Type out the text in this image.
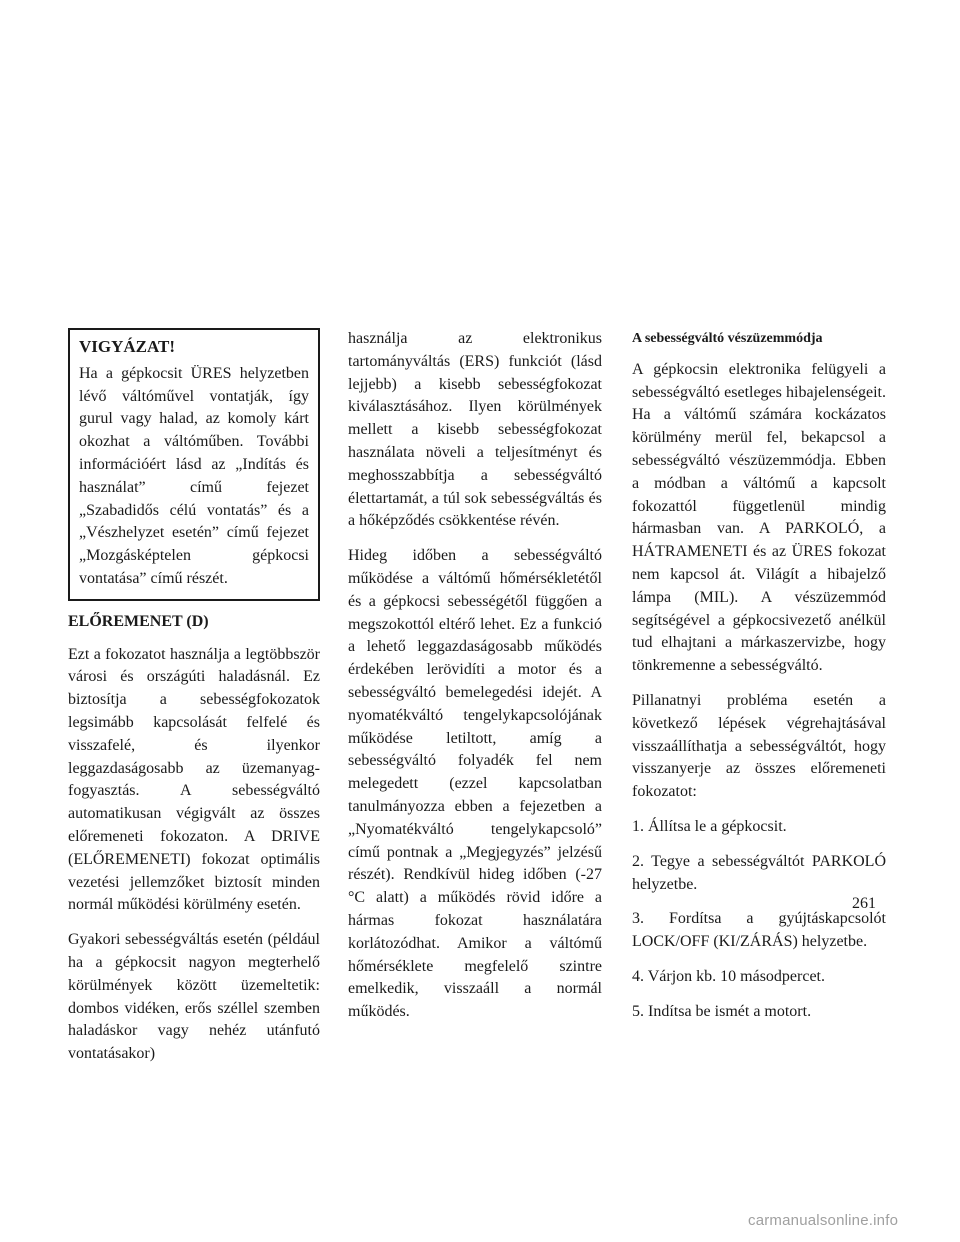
VIGYÁZAT!

Ha a gépkocsit ÜRES helyzetben lévő váltóművel vontatják, így gurul vagy halad, az komoly kárt okozhat a váltóműben. További információért lásd az „Indítás és használat” című fejezet „Szabadidős célú vontatás” és a „Vészhelyzet esetén” című fejezet „Mozgásképtelen gépkocsi vontatása” című részét.

ELŐREMENET (D)

Ezt a fokozatot használja a legtöbbször városi és országúti haladásnál. Ez biztosítja a sebességfokozatok legsimább kapcsolását felfelé és visszafelé, és ilyenkor leggazdaságosabb az üzemanyag-fogyasztás. A sebességváltó automatikusan végigvált az összes előremeneti fokozaton. A DRIVE (ELŐREMENETI) fokozat optimális vezetési jellemzőket biztosít minden normál működési körülmény esetén.

Gyakori sebességváltás esetén (például ha a gépkocsit nagyon megterhelő körülmények között üzemeltetik: dombos vidéken, erős széllel szemben haladáskor vagy nehéz utánfutó vontatásakor)

használja az elektronikus tartományváltás (ERS) funkciót (lásd lejjebb) a kisebb sebességfokozat kiválasztásához. Ilyen körülmények mellett a kisebb sebességfokozat használata növeli a teljesítményt és meghosszabbítja a sebességváltó élettartamát, a túl sok sebességváltás és a hőképződés csökkentése révén.

Hideg időben a sebességváltó működése a váltómű hőmérsékletétől és a gépkocsi sebességétől függően a megszokottól eltérő lehet. Ez a funkció a lehető leggazdaságosabb működés érdekében lerövidíti a motor és a sebességváltó bemelegedési idejét. A nyomatékváltó tengelykapcsolójának működése letiltott, amíg a sebességváltó folyadék fel nem melegedett (ezzel kapcsolatban tanulmányozza ebben a fejezetben a „Nyomatékváltó tengelykapcsoló” című pontnak a „Megjegyzés” jelzésű részét). Rendkívül hideg időben (-27 °C alatt) a működés rövid időre a hármas fokozat használatára korlátozódhat. Amikor a váltómű hőmérséklete megfelelő szintre emelkedik, visszaáll a normál működés.

A sebességváltó vészüzemmódja

A gépkocsin elektronika felügyeli a sebességváltó esetleges hibajelenségeit. Ha a váltómű számára kockázatos körülmény merül fel, bekapcsol a sebességváltó vészüzemmódja. Ebben a módban a váltómű a kapcsolt fokozattól függetlenül mindig hármasban van. A PARKOLÓ, a HÁTRAMENETI és az ÜRES fokozat nem kapcsol át. Világít a hibajelző lámpa (MIL). A vészüzemmód segítségével a gépkocsivezető anélkül tud elhajtani a márkaszervizbe, hogy tönkremenne a sebességváltó.

Pillanatnyi probléma esetén a következő lépések végrehajtásával visszaállíthatja a sebességváltót, hogy visszanyerje az összes előremeneti fokozatot:

1. Állítsa le a gépkocsit.

2. Tegye a sebességváltót PARKOLÓ helyzetbe.

3. Fordítsa a gyújtáskapcsolót LOCK/OFF (KI/ZÁRÁS) helyzetbe.

4. Várjon kb. 10 másodpercet.

5. Indítsa be ismét a motort.

261
carmanualsonline.info
